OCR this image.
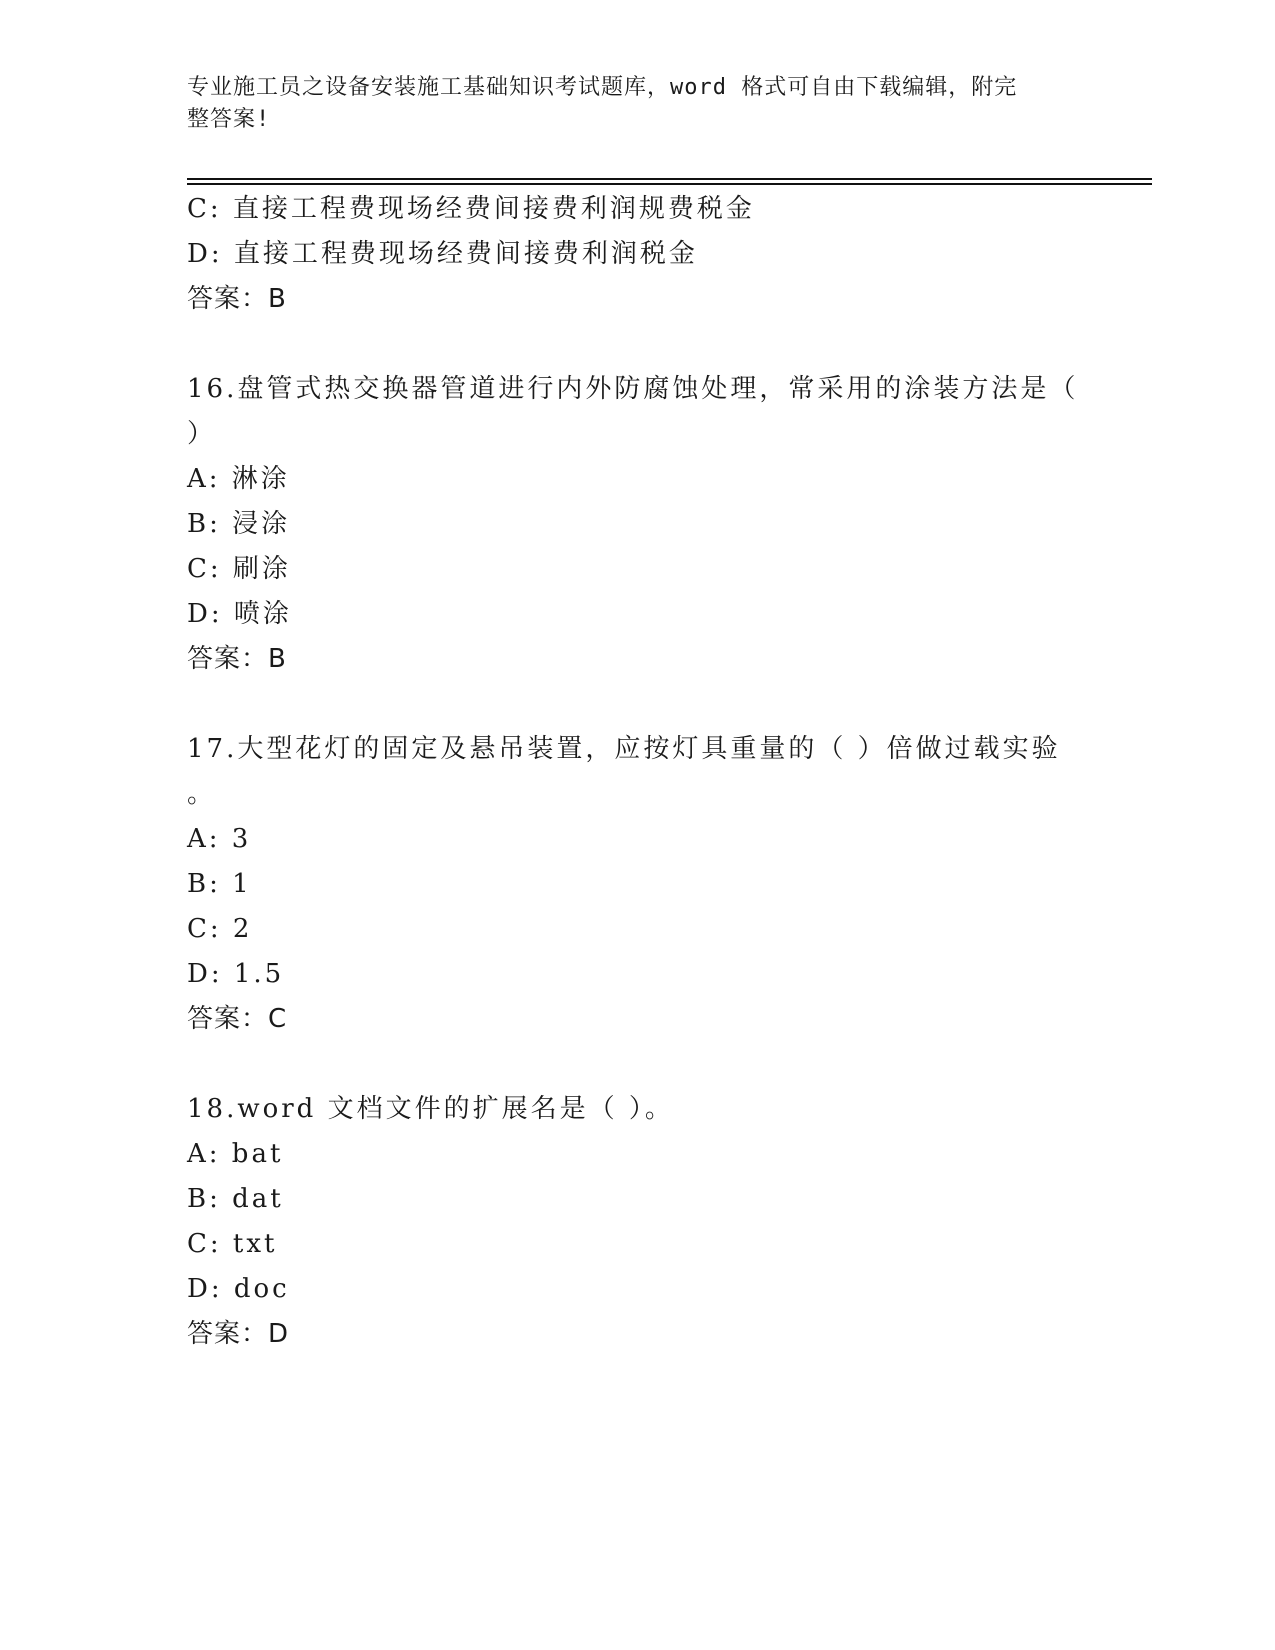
专业施工员之设备安装施工基础知识考试题库，word 格式可自由下载编辑，附完
整答案!
C: 直接工程费现场经费间接费利润规费税金
D: 直接工程费现场经费间接费利润税金
答案：B
16.盘管式热交换器管道进行内外防腐蚀处理，常采用的涂装方法是（
）
A: 淋涂
B: 浸涂
C: 刷涂
D: 喷涂
答案：B
17.大型花灯的固定及悬吊装置，应按灯具重量的（ ）倍做过载实验
。
A: 3
B: 1
C: 2
D: 1.5
答案：C
18.word 文档文件的扩展名是（ ）。
A: bat
B: dat
C: txt
D: doc
答案：D
